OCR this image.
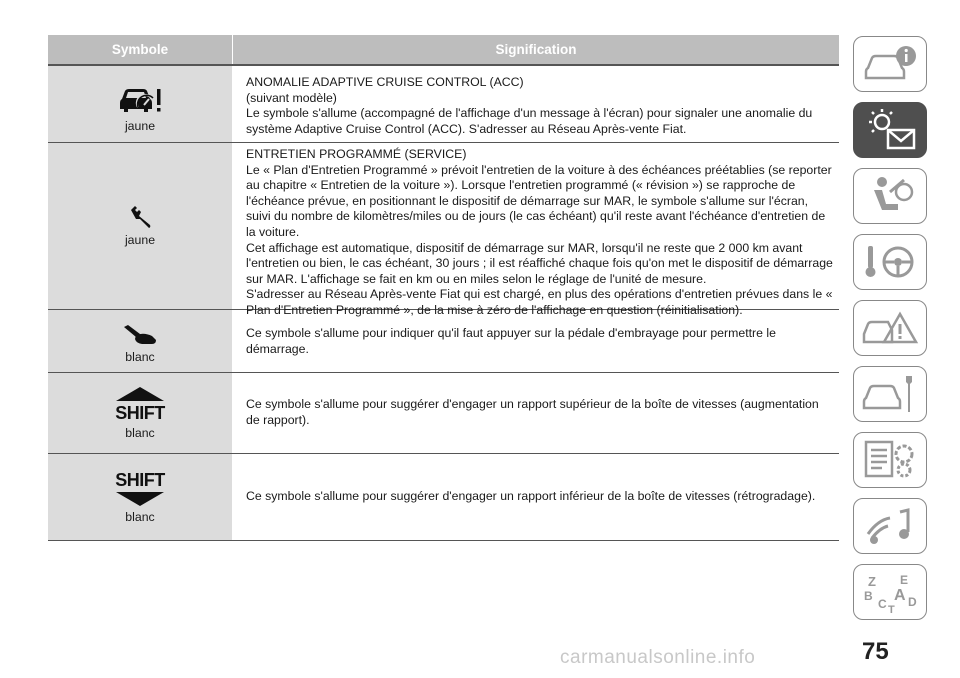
Symbole	Signification
jaune

ANOMALIE ADAPTIVE CRUISE CONTROL (ACC)

(suivant modèle)

Le symbole s'allume (accompagné de l'affichage d'un message à l'écran) pour signaler une anomalie du système Adaptive Cruise Control (ACC). S'adresser au Réseau Après-vente Fiat.

jaune

ENTRETIEN PROGRAMMÉ (SERVICE)

Le « Plan d'Entretien Programmé » prévoit l'entretien de la voiture à des échéances préétablies (se reporter au chapitre « Entretien de la voiture »). Lorsque l'entretien programmé (« révision ») se rapproche de l'échéance prévue, en positionnant le dispositif de démarrage sur MAR, le symbole s'allume sur l'écran, suivi du nombre de kilomètres/miles ou de jours (le cas échéant) qu'il reste avant l'échéance d'entretien de la voiture.

Cet affichage est automatique, dispositif de démarrage sur MAR, lorsqu'il ne reste que 2 000 km avant l'entretien ou bien, le cas échéant, 30 jours ; il est réaffiché chaque fois qu'on met le dispositif de démarrage sur MAR. L'affichage se fait en km ou en miles selon le réglage de l'unité de mesure.

S'adresser au Réseau Après-vente Fiat qui est chargé, en plus des opérations d'entretien prévues dans le « Plan d'Entretien Programmé », de la mise à zéro de l'affichage en question (réinitialisation).

blanc

Ce symbole s'allume pour indiquer qu'il faut appuyer sur la pédale d'embrayage pour permettre le démarrage.

SHIFT
blanc

Ce symbole s'allume pour suggérer d'engager un rapport supérieur de la boîte de vitesses (augmentation de rapport).

SHIFT
blanc

Ce symbole s'allume pour suggérer d'engager un rapport inférieur de la boîte de vitesses (rétrogradage).

Z E
B A
C D
T
75
carmanualsonline.info
